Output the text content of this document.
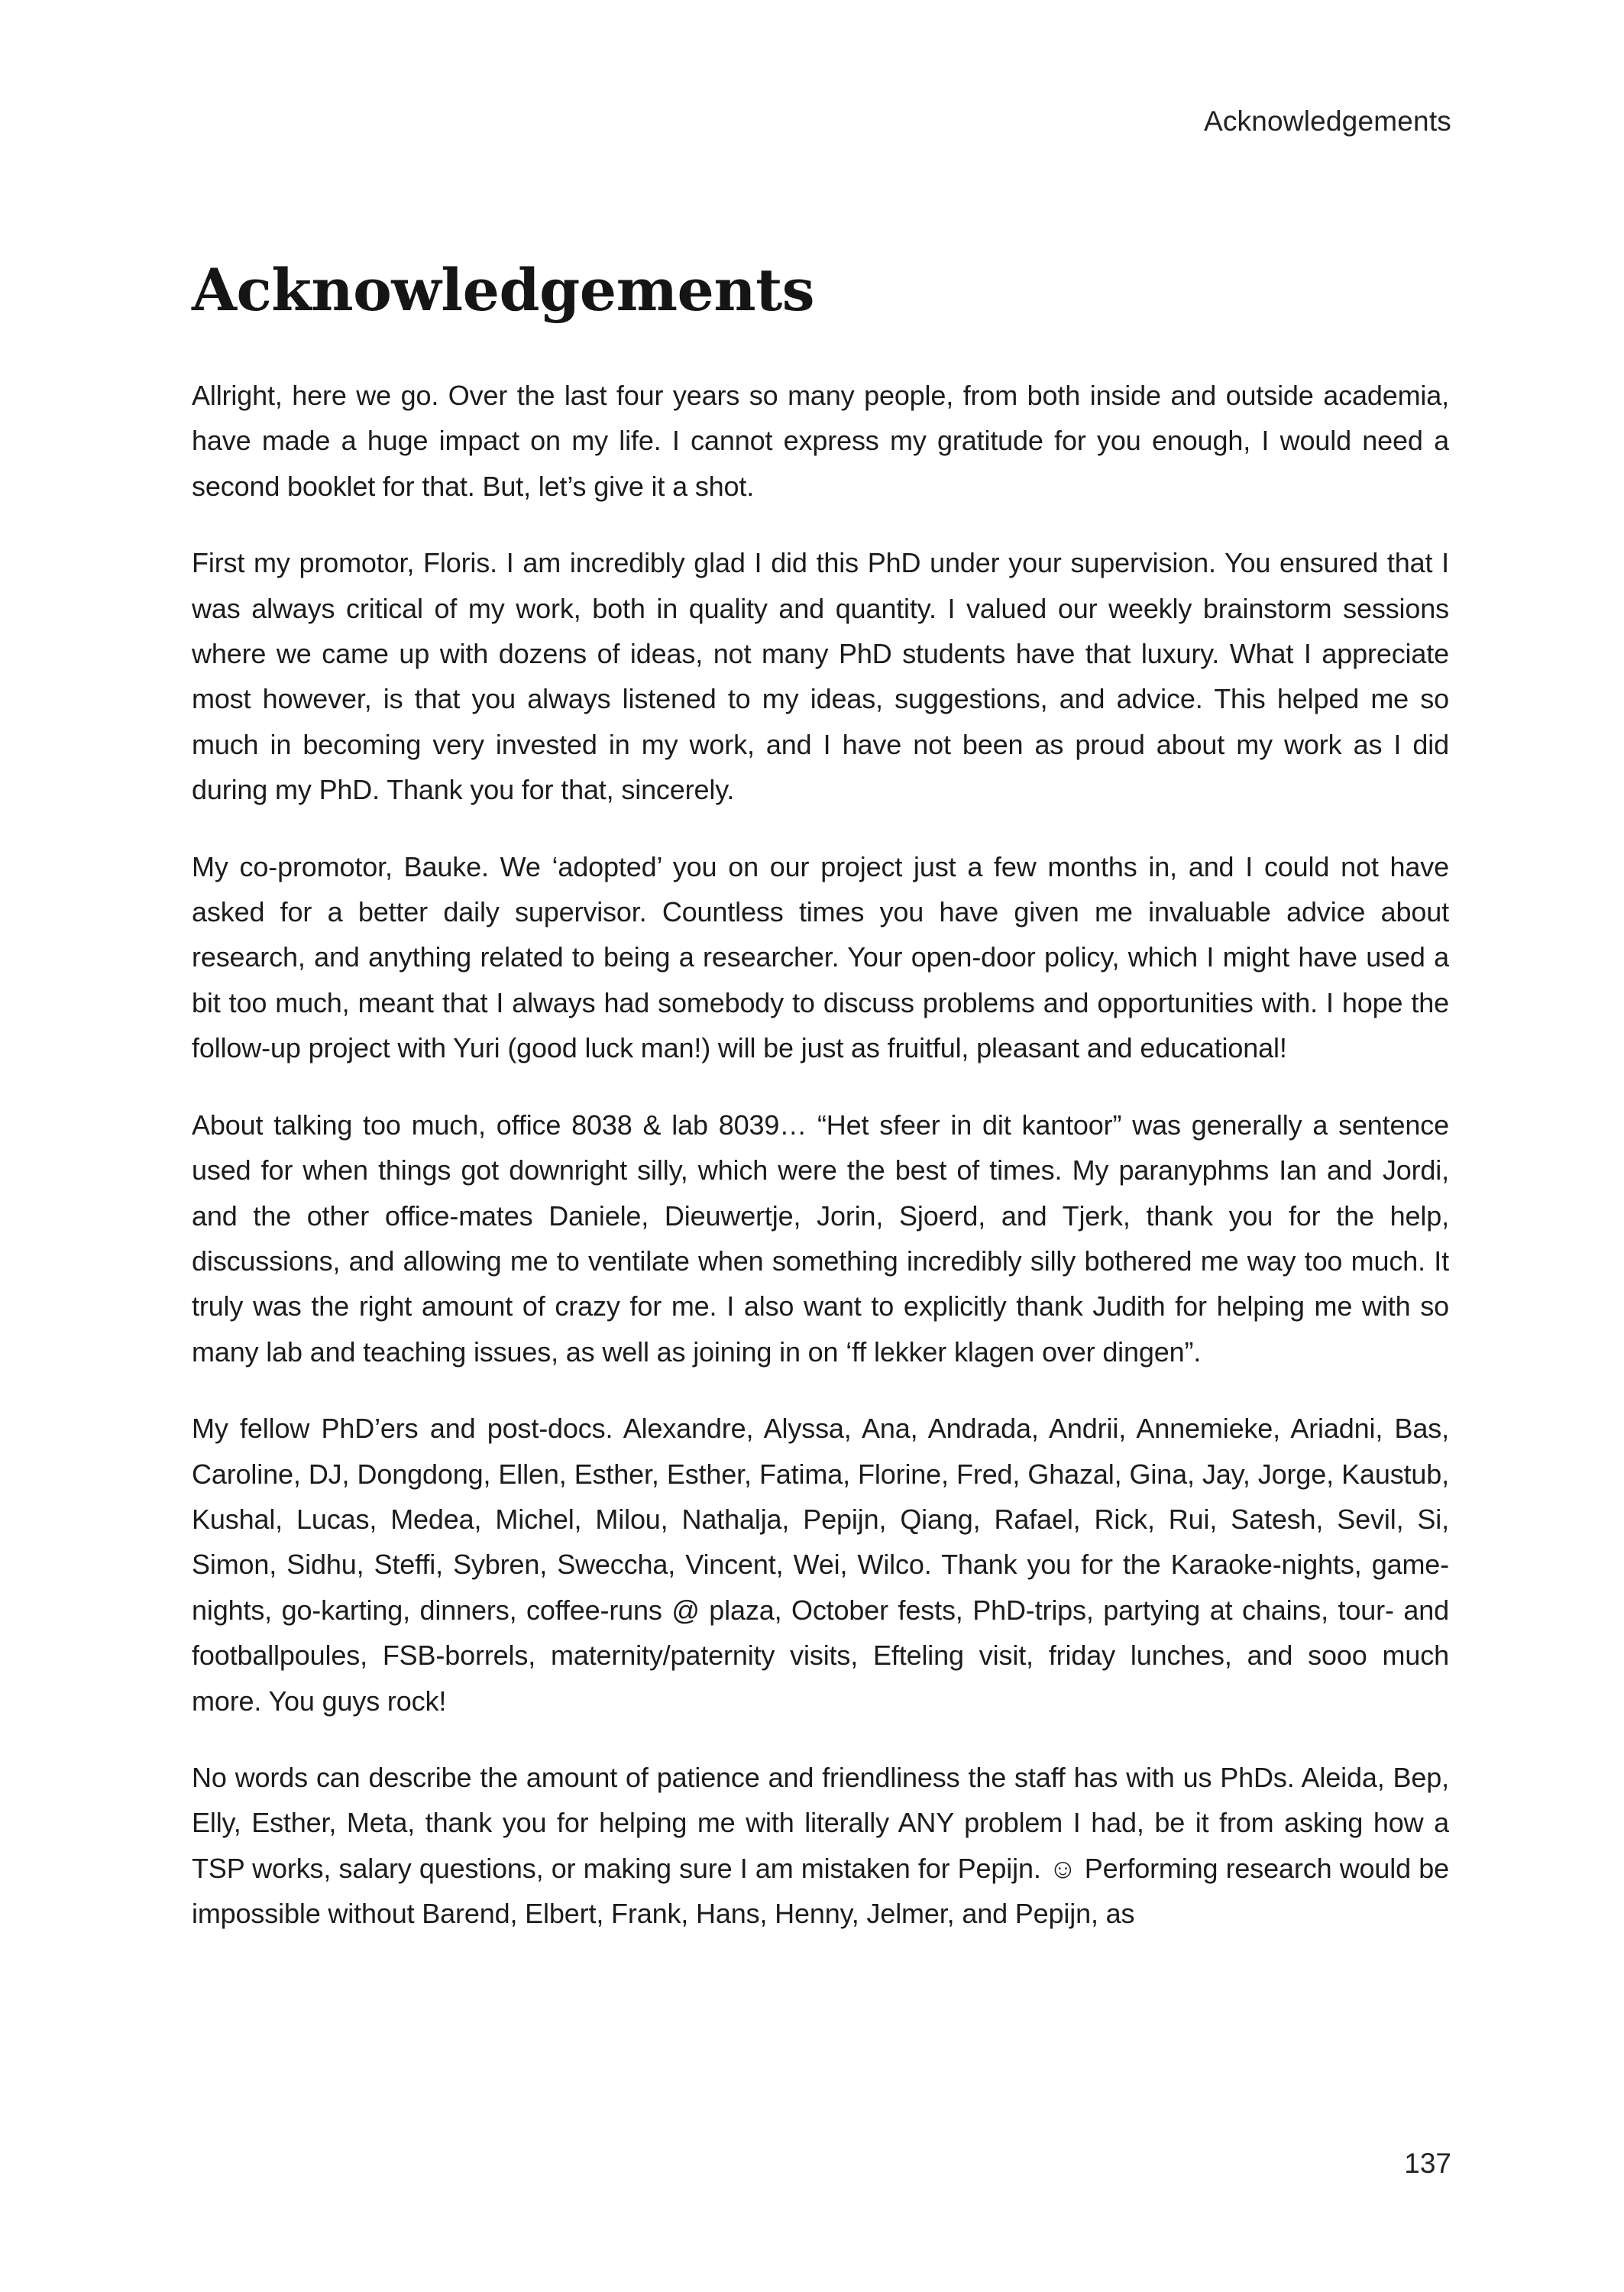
Acknowledgements
Acknowledgements

Allright, here we go. Over the last four years so many people, from both inside and outside academia, have made a huge impact on my life. I cannot express my gratitude for you enough, I would need a second booklet for that. But, let’s give it a shot.

First my promotor, Floris. I am incredibly glad I did this PhD under your supervision. You ensured that I was always critical of my work, both in quality and quantity. I valued our weekly brainstorm sessions where we came up with dozens of ideas, not many PhD students have that luxury. What I appreciate most however, is that you always listened to my ideas, suggestions, and advice. This helped me so much in becoming very invested in my work, and I have not been as proud about my work as I did during my PhD. Thank you for that, sincerely.

My co-promotor, Bauke. We ‘adopted’ you on our project just a few months in, and I could not have asked for a better daily supervisor. Countless times you have given me invaluable advice about research, and anything related to being a researcher. Your open-door policy, which I might have used a bit too much, meant that I always had somebody to discuss problems and opportunities with. I hope the follow-up project with Yuri (good luck man!) will be just as fruitful, pleasant and educational!

About talking too much, office 8038 & lab 8039… “Het sfeer in dit kantoor” was generally a sentence used for when things got downright silly, which were the best of times. My paranyphms Ian and Jordi, and the other office-mates Daniele, Dieuwertje, Jorin, Sjoerd, and Tjerk, thank you for the help, discussions, and allowing me to ventilate when something incredibly silly bothered me way too much. It truly was the right amount of crazy for me. I also want to explicitly thank Judith for helping me with so many lab and teaching issues, as well as joining in on ‘ff lekker klagen over dingen”.

My fellow PhD’ers and post-docs. Alexandre, Alyssa, Ana, Andrada, Andrii, Annemieke, Ariadni, Bas, Caroline, DJ, Dongdong, Ellen, Esther, Esther, Fatima, Florine, Fred, Ghazal, Gina, Jay, Jorge, Kaustub, Kushal, Lucas, Medea, Michel, Milou, Nathalja, Pepijn, Qiang, Rafael, Rick, Rui, Satesh, Sevil, Si, Simon, Sidhu, Steffi, Sybren, Sweccha, Vincent, Wei, Wilco. Thank you for the Karaoke-nights, game-nights, go-karting, dinners, coffee-runs @ plaza, October fests, PhD-trips, partying at chains, tour- and footballpoules, FSB-borrels, maternity/paternity visits, Efteling visit, friday lunches, and sooo much more. You guys rock!

No words can describe the amount of patience and friendliness the staff has with us PhDs. Aleida, Bep, Elly, Esther, Meta, thank you for helping me with literally ANY problem I had, be it from asking how a TSP works, salary questions, or making sure I am mistaken for Pepijn. ☺ Performing research would be impossible without Barend, Elbert, Frank, Hans, Henny, Jelmer, and Pepijn, as

137
